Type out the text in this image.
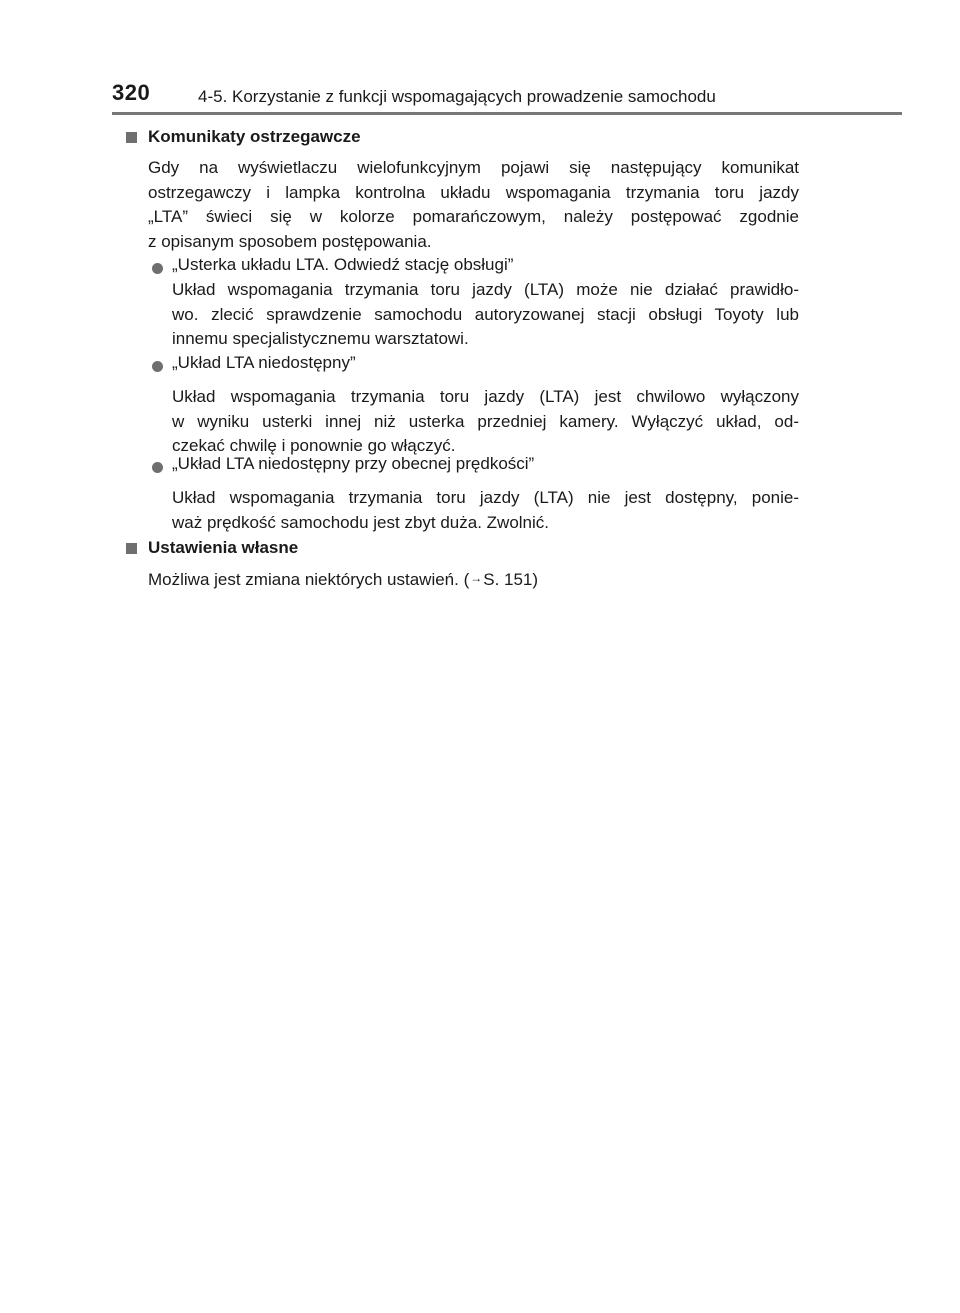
320	4-5. Korzystanie z funkcji wspomagających prowadzenie samochodu
Komunikaty ostrzegawcze
Gdy na wyświetlaczu wielofunkcyjnym pojawi się następujący komunikat
ostrzegawczy i lampka kontrolna układu wspomagania trzymania toru jazdy
„LTA” świeci się w kolorze pomarańczowym, należy postępować zgodnie
z opisanym sposobem postępowania.
„Usterka układu LTA. Odwiedź stację obsługi”
Układ wspomagania trzymania toru jazdy (LTA) może nie działać prawidło-
wo. zlecić sprawdzenie samochodu autoryzowanej stacji obsługi Toyoty lub
innemu specjalistycznemu warsztatowi.
„Układ LTA niedostępny”
Układ wspomagania trzymania toru jazdy (LTA) jest chwilowo wyłączony
w wyniku usterki innej niż usterka przedniej kamery. Wyłączyć układ, od-
czekać chwilę i ponownie go włączyć.
„Układ LTA niedostępny przy obecnej prędkości”
Układ wspomagania trzymania toru jazdy (LTA) nie jest dostępny, ponie-
waż prędkość samochodu jest zbyt duża. Zwolnić.
Ustawienia własne
Możliwa jest zmiana niektórych ustawień. (→S. 151)
